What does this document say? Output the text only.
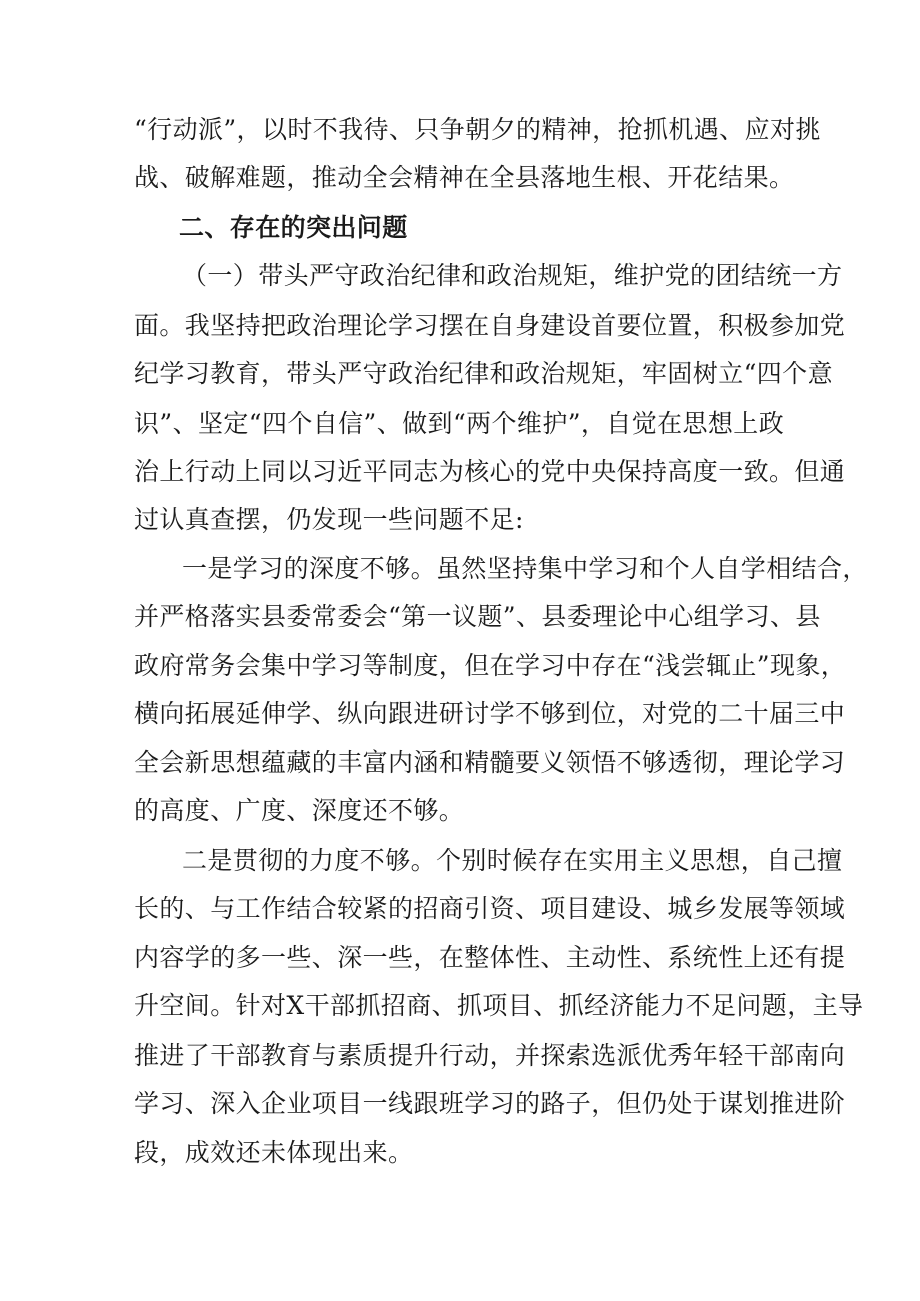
“行动派”，以时不我待、只争朝夕的精神，抢抓机遇、应对挑
战、破解难题，推动全会精神在全县落地生根、开花结果。
二、存在的突出问题
（一）带头严守政治纪律和政治规矩，维护党的团结统一方
面。我坚持把政治理论学习摆在自身建设首要位置，积极参加党
纪学习教育，带头严守政治纪律和政治规矩，牢固树立“四个意
识”、坚定“四个自信”、做到“两个维护”，自觉在思想上政
治上行动上同以习近平同志为核心的党中央保持高度一致。但通
过认真查摆，仍发现一些问题不足:
一是学习的深度不够。虽然坚持集中学习和个人自学相结合，
并严格落实县委常委会“第一议题”、县委理论中心组学习、县
政府常务会集中学习等制度，但在学习中存在“浅尝辄止”现象，
横向拓展延伸学、纵向跟进研讨学不够到位，对党的二十届三中
全会新思想蕴藏的丰富内涵和精髓要义领悟不够透彻，理论学习
的高度、广度、深度还不够。
二是贯彻的力度不够。个别时候存在实用主义思想，自己擅
长的、与工作结合较紧的招商引资、项目建设、城乡发展等领域
内容学的多一些、深一些，在整体性、主动性、系统性上还有提
升空间。针对X干部抓招商、抓项目、抓经济能力不足问题，主导
推进了干部教育与素质提升行动，并探索选派优秀年轻干部南向
学习、深入企业项目一线跟班学习的路子，但仍处于谋划推进阶
段，成效还未体现出来。
